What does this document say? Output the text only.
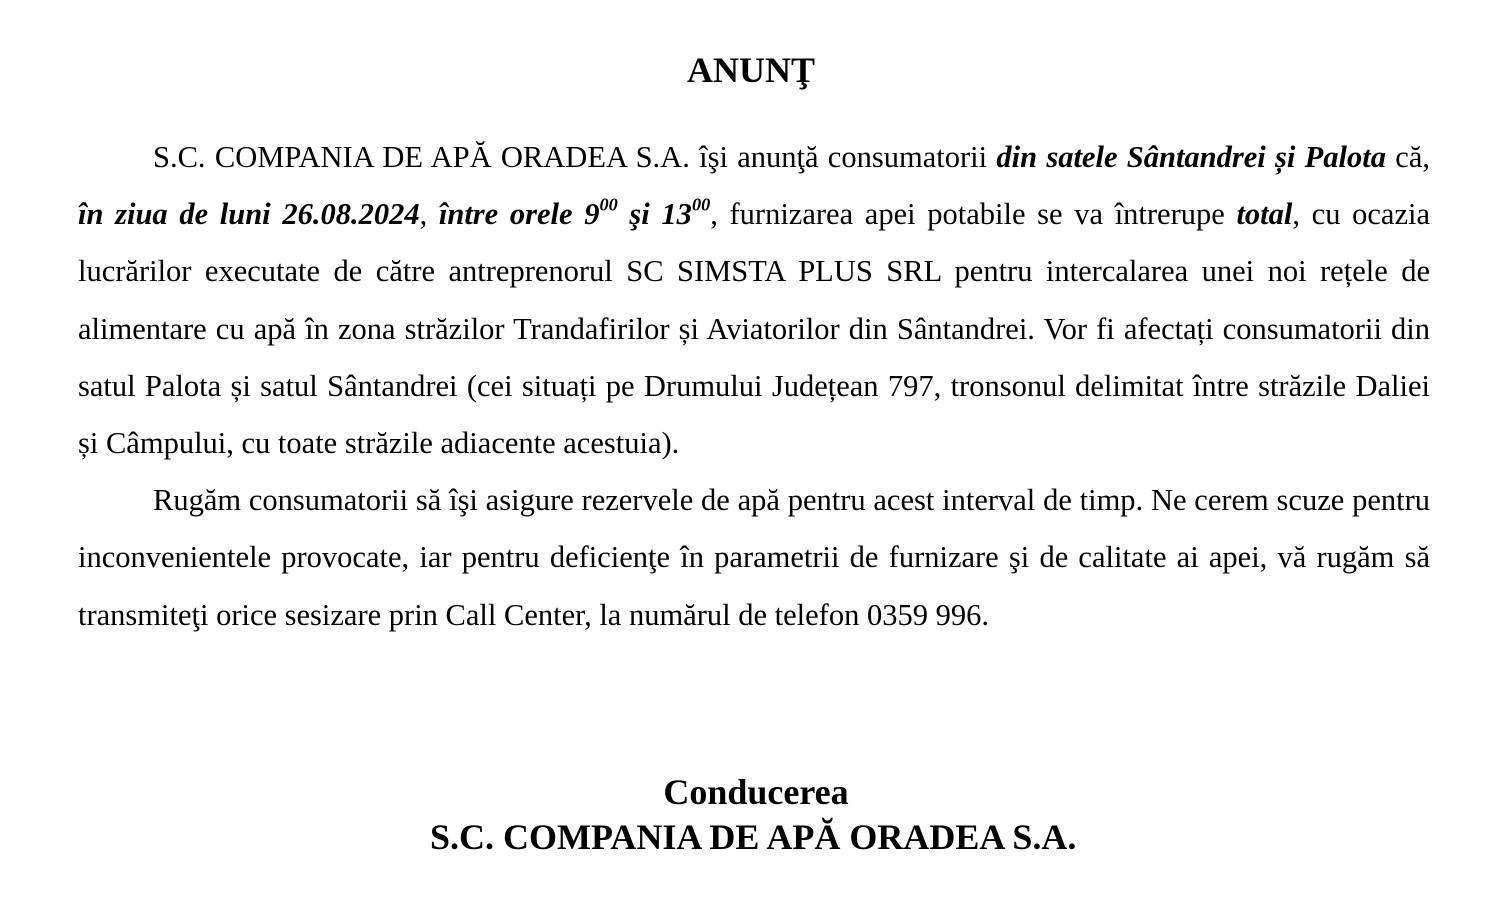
ANUNŢ

S.C. COMPANIA DE APĂ ORADEA S.A. îşi anunţă consumatorii din satele Sântandrei și Palota că, în ziua de luni 26.08.2024, între orele $9^{00}$ şi $13^{00}$, furnizarea apei potabile se va întrerupe total, cu ocazia lucrărilor executate de către antreprenorul SC SIMSTA PLUS SRL pentru intercalarea unei noi rețele de alimentare cu apă în zona străzilor Trandafirilor și Aviatorilor din Sântandrei. Vor fi afectați consumatorii din satul Palota și satul Sântandrei (cei situați pe Drumului Județean 797, tronsonul delimitat între străzile Daliei și Câmpului, cu toate străzile adiacente acestuia).

Rugăm consumatorii să îşi asigure rezervele de apă pentru acest interval de timp. Ne cerem scuze pentru inconvenientele provocate, iar pentru deficienţe în parametrii de furnizare şi de calitate ai apei, vă rugăm să transmiteţi orice sesizare prin Call Center, la numărul de telefon 0359 996.

Conducerea
S.C. COMPANIA DE APĂ ORADEA S.A.
